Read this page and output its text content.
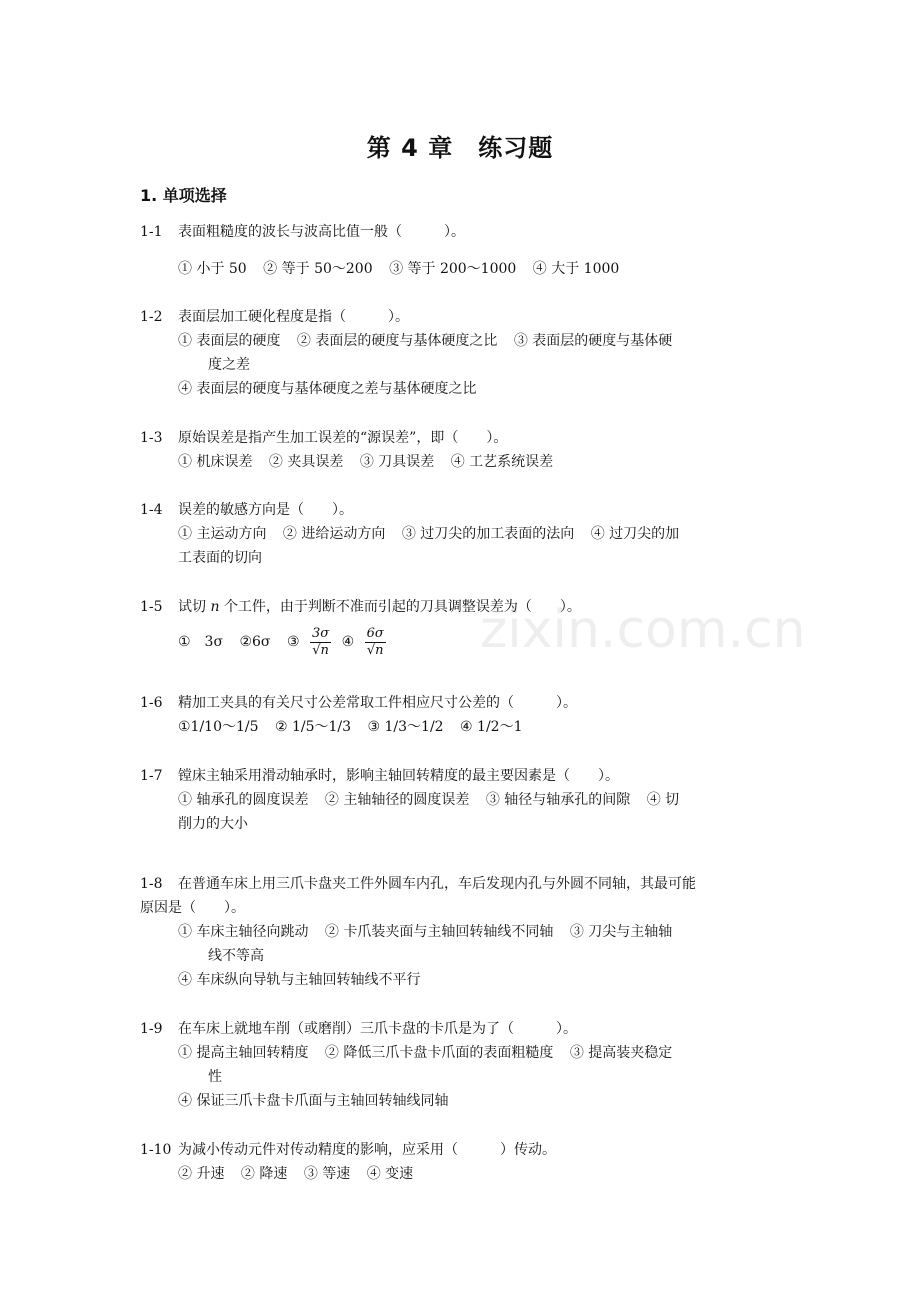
zixin.com.cn
第 4 章　练习题
1. 单项选择
1-1 表面粗糙度的波长与波高比值一般（　　　）。
① 小于 50 ② 等于 50～200 ③ 等于 200～1000 ④ 大于 1000
1-2 表面层加工硬化程度是指（　　　）。
① 表面层的硬度 ② 表面层的硬度与基体硬度之比 ③ 表面层的硬度与基体硬
度之差
④ 表面层的硬度与基体硬度之差与基体硬度之比
1-3 原始误差是指产生加工误差的“源误差”，即（　　）。
① 机床误差 ② 夹具误差 ③ 刀具误差 ④ 工艺系统误差
1-4 误差的敏感方向是（　　）。
① 主运动方向 ② 进给运动方向 ③ 过刀尖的加工表面的法向 ④ 过刀尖的加
工表面的切向
1-5 试切 n 个工件，由于判断不准而引起的刀具调整误差为（　　）。
①　3σ ②6σ ③ $\frac{3\sigma}{√n}$ ④ $\frac{6\sigma}{√n}$
1-6 精加工夹具的有关尺寸公差常取工件相应尺寸公差的（　　　）。
①1/10～1/5 ② 1/5～1/3 ③ 1/3～1/2 ④ 1/2～1
1-7 镗床主轴采用滑动轴承时，影响主轴回转精度的最主要因素是（　　）。
① 轴承孔的圆度误差 ② 主轴轴径的圆度误差 ③ 轴径与轴承孔的间隙 ④ 切
削力的大小
1-8 在普通车床上用三爪卡盘夹工件外圆车内孔，车后发现内孔与外圆不同轴，其最可能
原因是（　　）。
① 车床主轴径向跳动 ② 卡爪装夹面与主轴回转轴线不同轴 ③ 刀尖与主轴轴
线不等高
④ 车床纵向导轨与主轴回转轴线不平行
1-9 在车床上就地车削（或磨削）三爪卡盘的卡爪是为了（　　　）。
① 提高主轴回转精度 ② 降低三爪卡盘卡爪面的表面粗糙度 ③ 提高装夹稳定
性
④ 保证三爪卡盘卡爪面与主轴回转轴线同轴
1-10 为减小传动元件对传动精度的影响，应采用（　　　）传动。
② 升速 ② 降速 ③ 等速 ④ 变速
